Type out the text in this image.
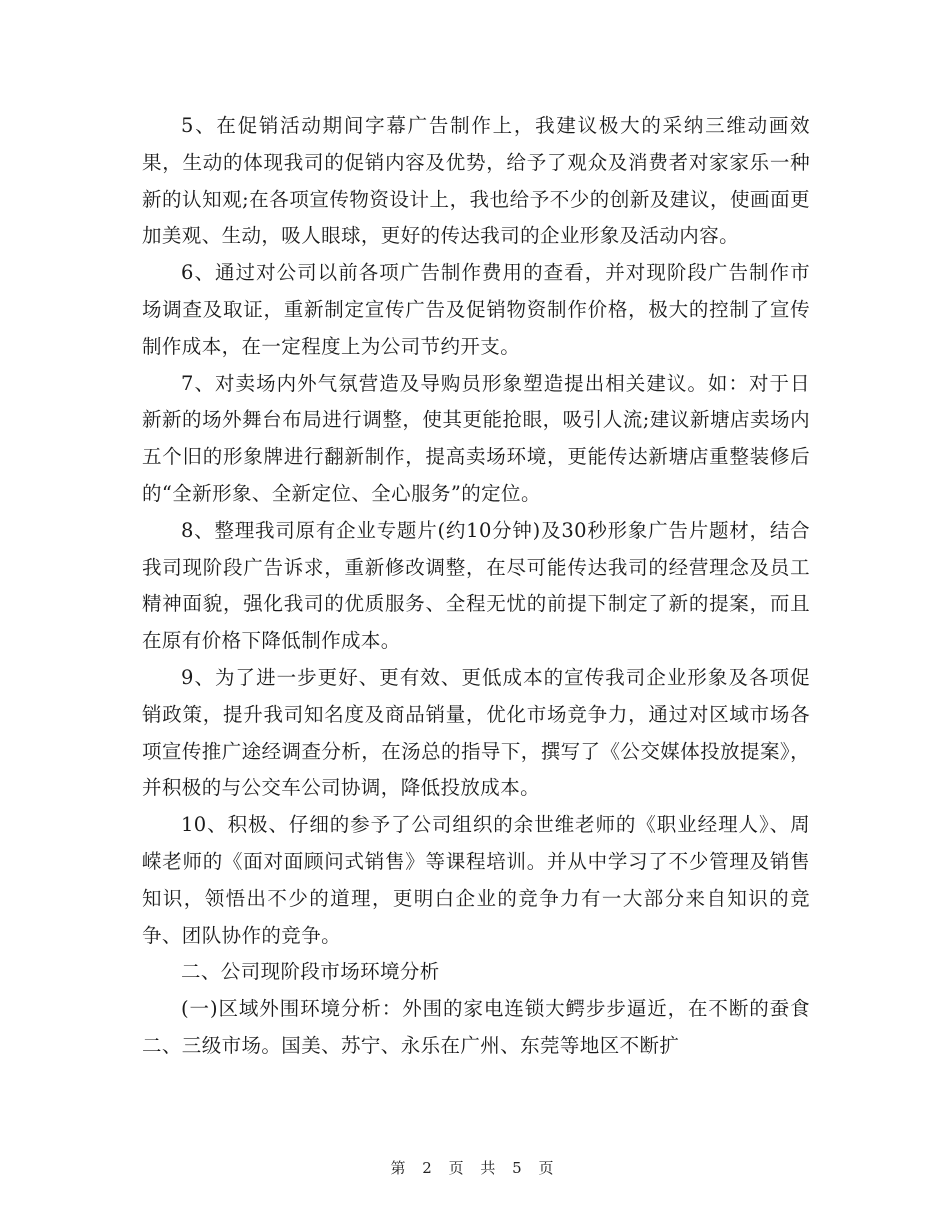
5、在促销活动期间字幕广告制作上，我建议极大的采纳三维动画效果，生动的体现我司的促销内容及优势，给予了观众及消费者对家家乐一种新的认知观;在各项宣传物资设计上，我也给予不少的创新及建议，使画面更加美观、生动，吸人眼球，更好的传达我司的企业形象及活动内容。

6、通过对公司以前各项广告制作费用的查看，并对现阶段广告制作市场调查及取证，重新制定宣传广告及促销物资制作价格，极大的控制了宣传制作成本，在一定程度上为公司节约开支。

7、对卖场内外气氛营造及导购员形象塑造提出相关建议。如：对于日新新的场外舞台布局进行调整，使其更能抢眼，吸引人流;建议新塘店卖场内五个旧的形象牌进行翻新制作，提高卖场环境，更能传达新塘店重整装修后的“全新形象、全新定位、全心服务”的定位。

8、整理我司原有企业专题片(约10分钟)及30秒形象广告片题材，结合我司现阶段广告诉求，重新修改调整，在尽可能传达我司的经营理念及员工精神面貌，强化我司的优质服务、全程无忧的前提下制定了新的提案，而且在原有价格下降低制作成本。

9、为了进一步更好、更有效、更低成本的宣传我司企业形象及各项促销政策，提升我司知名度及商品销量，优化市场竞争力，通过对区域市场各项宣传推广途经调查分析，在汤总的指导下，撰写了《公交媒体投放提案》，并积极的与公交车公司协调，降低投放成本。

10、积极、仔细的参予了公司组织的余世维老师的《职业经理人》、周嵘老师的《面对面顾问式销售》等课程培训。并从中学习了不少管理及销售知识，领悟出不少的道理，更明白企业的竞争力有一大部分来自知识的竞争、团队协作的竞争。

二、公司现阶段市场环境分析

(一)区域外围环境分析：外围的家电连锁大鳄步步逼近，在不断的蚕食二、三级市场。国美、苏宁、永乐在广州、东莞等地区不断扩

第 2 页 共 5 页
